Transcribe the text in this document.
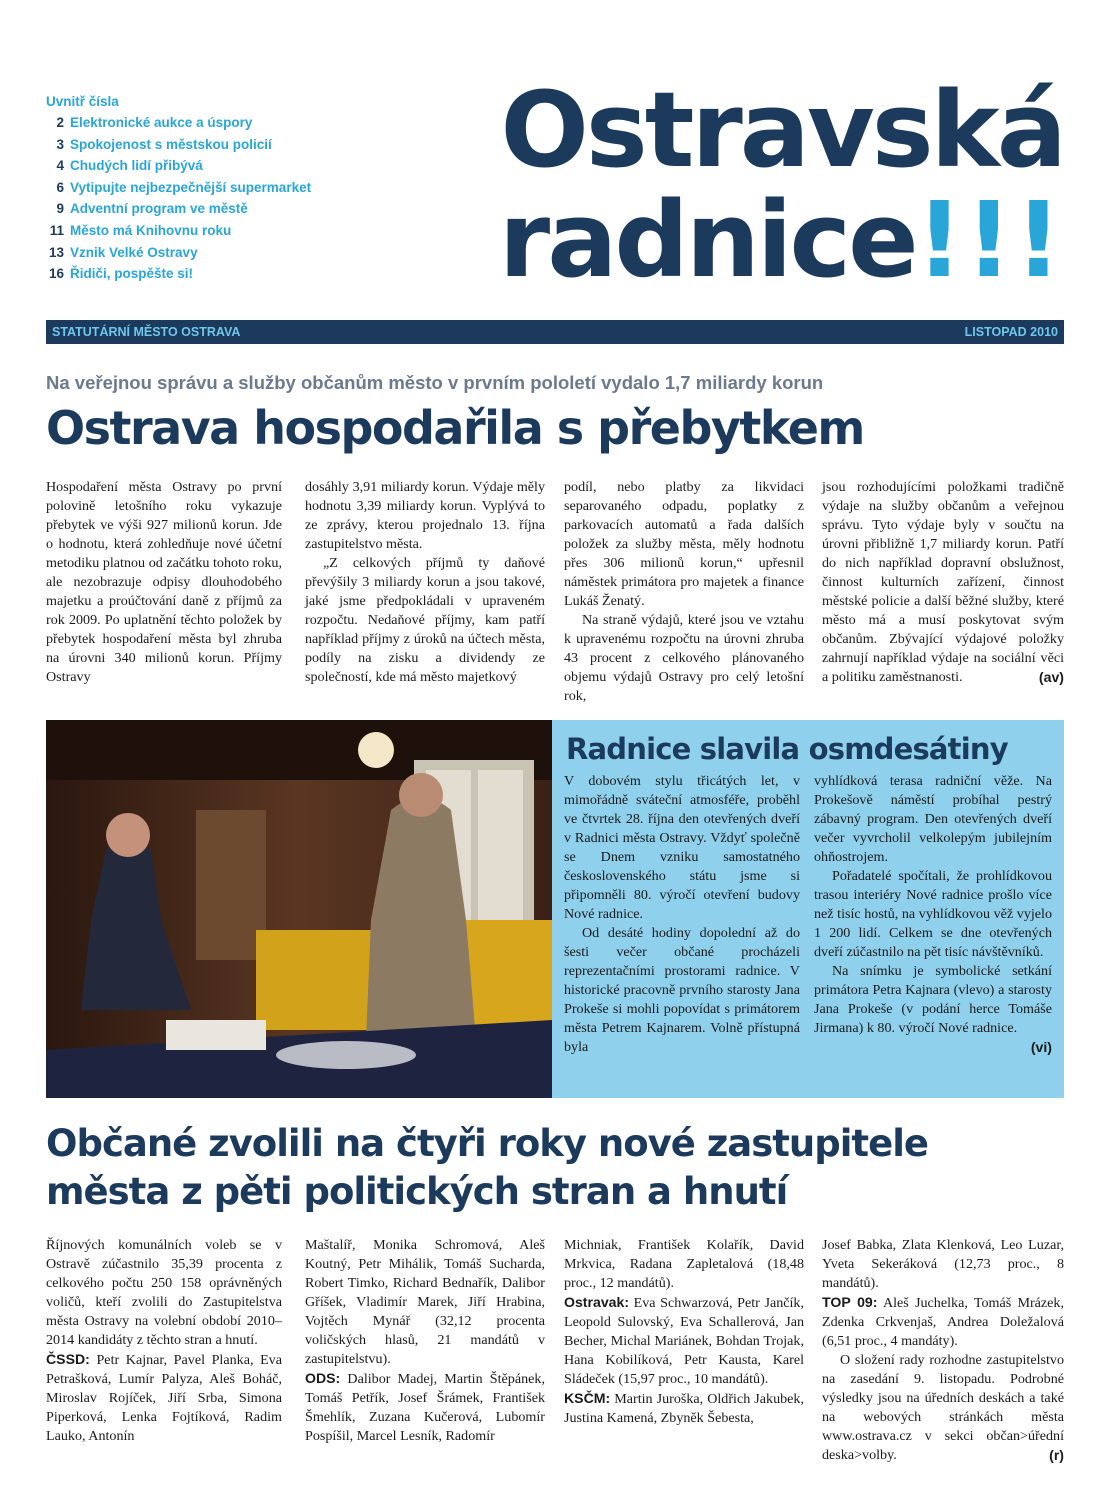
Uvnitř čísla
2 Elektronické aukce a úspory
3 Spokojenost s městskou policií
4 Chudých lidí přibývá
6 Vytipujte nejbezpečnější supermarket
9 Adventní program ve městě
11 Město má Knihovnu roku
13 Vznik Velké Ostravy
16 Řidiči, pospěšte si!
Ostravská
radnice!!!
STATUTÁRNÍ MĚSTO OSTRAVA	LISTOPAD 2010
Na veřejnou správu a služby občanům město v prvním pololetí vydalo 1,7 miliardy korun
Ostrava hospodařila s přebytkem

Hospodaření města Ostravy po první polovině letošního roku vykazuje přebytek ve výši 927 milionů korun. Jde o hodnotu, která zohledňuje nové účetní metodiku platnou od začátku tohoto roku, ale nezobrazuje odpisy dlouhodobého majetku a proúčtování daně z příjmů za rok 2009. Po uplatnění těchto položek by přebytek hospodaření města byl zhruba na úrovni 340 milionů korun. Příjmy Ostravy

dosáhly 3,91 miliardy korun. Výdaje měly hodnotu 3,39 miliardy korun. Vyplývá to ze zprávy, kterou projednalo 13. října zastupitelstvo města.

„Z celkových příjmů ty daňové převýšily 3 miliardy korun a jsou takové, jaké jsme předpokládali v upraveném rozpočtu. Nedaňové příjmy, kam patří například příjmy z úroků na účtech města, podíly na zisku a dividendy ze společností, kde má město majetkový

podíl, nebo platby za likvidaci separovaného odpadu, poplatky z parkovacích automatů a řada dalších položek za služby města, měly hodnotu přes 306 milionů korun,“ upřesnil náměstek primátora pro majetek a finance Lukáš Ženatý.

Na straně výdajů, které jsou ve vztahu k upravenému rozpočtu na úrovni zhruba 43 procent z celkového plánovaného objemu výdajů Ostravy pro celý letošní rok,

jsou rozhodujícími položkami tradičně výdaje na služby občanům a veřejnou správu. Tyto výdaje byly v součtu na úrovni přibližně 1,7 miliardy korun. Patří do nich například dopravní obslužnost, činnost kulturních zařízení, činnost městské policie a další běžné služby, které město má a musí poskytovat svým občanům. Zbývající výdajové položky zahrnují například výdaje na sociální věci a politiku zaměstnanosti.	(av)

Radnice slavila osmdesátiny

V dobovém stylu třicátých let, v mimořádně sváteční atmosféře, proběhl ve čtvrtek 28. října den otevřených dveří v Radnici města Ostravy. Vždyť společně se Dnem vzniku samostatného československého státu jsme si připomněli 80. výročí otevření budovy Nové radnice.

Od desáté hodiny dopolední až do šesti večer občané procházeli reprezentačními prostorami radnice. V historické pracovně prvního starosty Jana Prokeše si mohli popovídat s primátorem města Petrem Kajnarem. Volně přístupná byla

vyhlídková terasa radniční věže. Na Prokešově náměstí probíhal pestrý zábavný program. Den otevřených dveří večer vyvrcholil velkolepým jubilejním ohňostrojem.

Pořadatelé spočítali, že prohlídkovou trasou interiéry Nové radnice prošlo více než tisíc hostů, na vyhlídkovou věž vyjelo 1 200 lidí. Celkem se dne otevřených dveří zúčastnilo na pět tisíc návštěvníků.

Na snímku je symbolické setkání primátora Petra Kajnara (vlevo) a starosty Jana Prokeše (v podání herce Tomáše Jirmana) k 80. výročí Nové radnice.
(vi)

Občané zvolili na čtyři roky nové zastupitele
města z pěti politických stran a hnutí

Říjnových komunálních voleb se v Ostravě zúčastnilo 35,39 procenta z celkového počtu 250 158 oprávněných voličů, kteří zvolili do Zastupitelstva města Ostravy na volební období 2010–2014 kandidáty z těchto stran a hnutí.

ČSSD: Petr Kajnar, Pavel Planka, Eva Petrašková, Lumír Palyza, Aleš Boháč, Miroslav Rojíček, Jiří Srba, Simona Piperková, Lenka Fojtíková, Radim Lauko, Antonín

Maštalíř, Monika Schromová, Aleš Koutný, Petr Mihálik, Tomáš Sucharda, Robert Timko, Richard Bednařík, Dalibor Gříšek, Vladimír Marek, Jiří Hrabina, Vojtěch Mynář (32,12 procenta voličských hlasů, 21 mandátů v zastupitelstvu).

ODS: Dalibor Madej, Martin Štěpánek, Tomáš Petřík, Josef Šrámek, František Šmehlík, Zuzana Kučerová, Lubomír Pospíšil, Marcel Lesník, Radomír

Michniak, František Kolařík, David Mrkvica, Radana Zapletalová (18,48 proc., 12 mandátů).

Ostravak: Eva Schwarzová, Petr Jančík, Leopold Sulovský, Eva Schallerová, Jan Becher, Michal Mariánek, Bohdan Trojak, Hana Kobilíková, Petr Kausta, Karel Sládeček (15,97 proc., 10 mandátů).

KSČM: Martin Juroška, Oldřich Jakubek, Justina Kamená, Zbyněk Šebesta,

Josef Babka, Zlata Klenková, Leo Luzar, Yveta Sekeráková (12,73 proc., 8 mandátů).

TOP 09: Aleš Juchelka, Tomáš Mrázek, Zdenka Crkvenjaš, Andrea Doležalová (6,51 proc., 4 mandáty).

O složení rady rozhodne zastupitelstvo na zasedání 9. listopadu. Podrobné výsledky jsou na úředních deskách a také na webových stránkách města www.ostrava.cz v sekci občan>úřední deska>volby.	(r)
